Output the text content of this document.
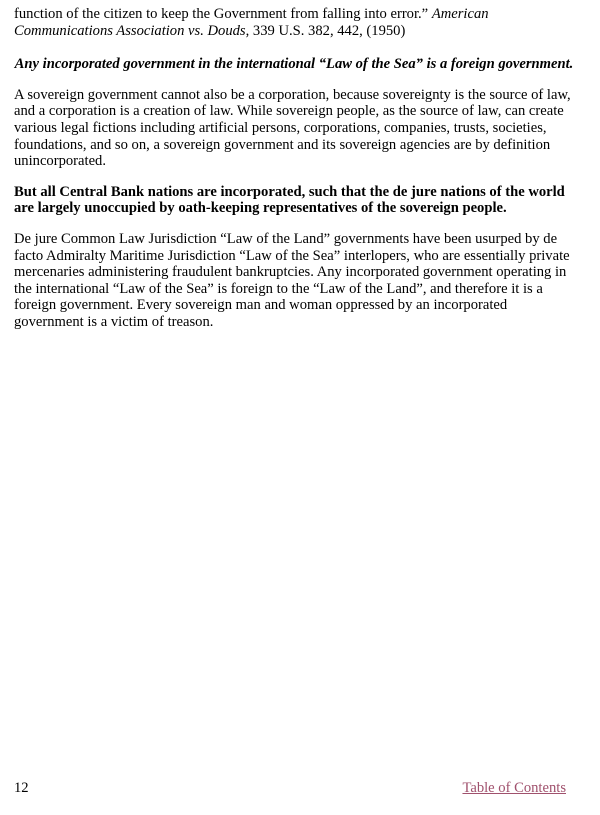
function of the citizen to keep the Government from falling into error.” American Communications Association vs. Douds, 339 U.S. 382, 442, (1950)

Any incorporated government in the international “Law of the Sea” is a foreign government.

A sovereign government cannot also be a corporation, because sovereignty is the source of law, and a corporation is a creation of law. While sovereign people, as the source of law, can create various legal fictions including artificial persons, corporations, companies, trusts, societies, foundations, and so on, a sovereign government and its sovereign agencies are by definition unincorporated.

But all Central Bank nations are incorporated, such that the de jure nations of the world are largely unoccupied by oath-keeping representatives of the sovereign people.

De jure Common Law Jurisdiction “Law of the Land” governments have been usurped by de facto Admiralty Maritime Jurisdiction “Law of the Sea” interlopers, who are essentially private mercenaries administering fraudulent bankruptcies. Any incorporated government operating in the international “Law of the Sea” is foreign to the “Law of the Land”, and therefore it is a foreign government. Every sovereign man and woman oppressed by an incorporated government is a victim of treason.

12	Table of Contents
